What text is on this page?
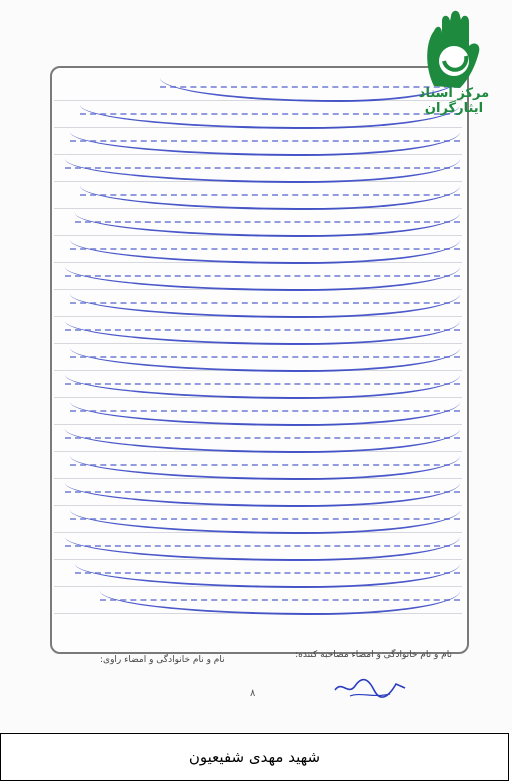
مرکز اسناد ایثارگران
نام و نام خانوادگی و امضاء مصاحبه کننده:
نام و نام خانوادگی و امضاء راوی:
۸
شهید مهدی شفیعیون
